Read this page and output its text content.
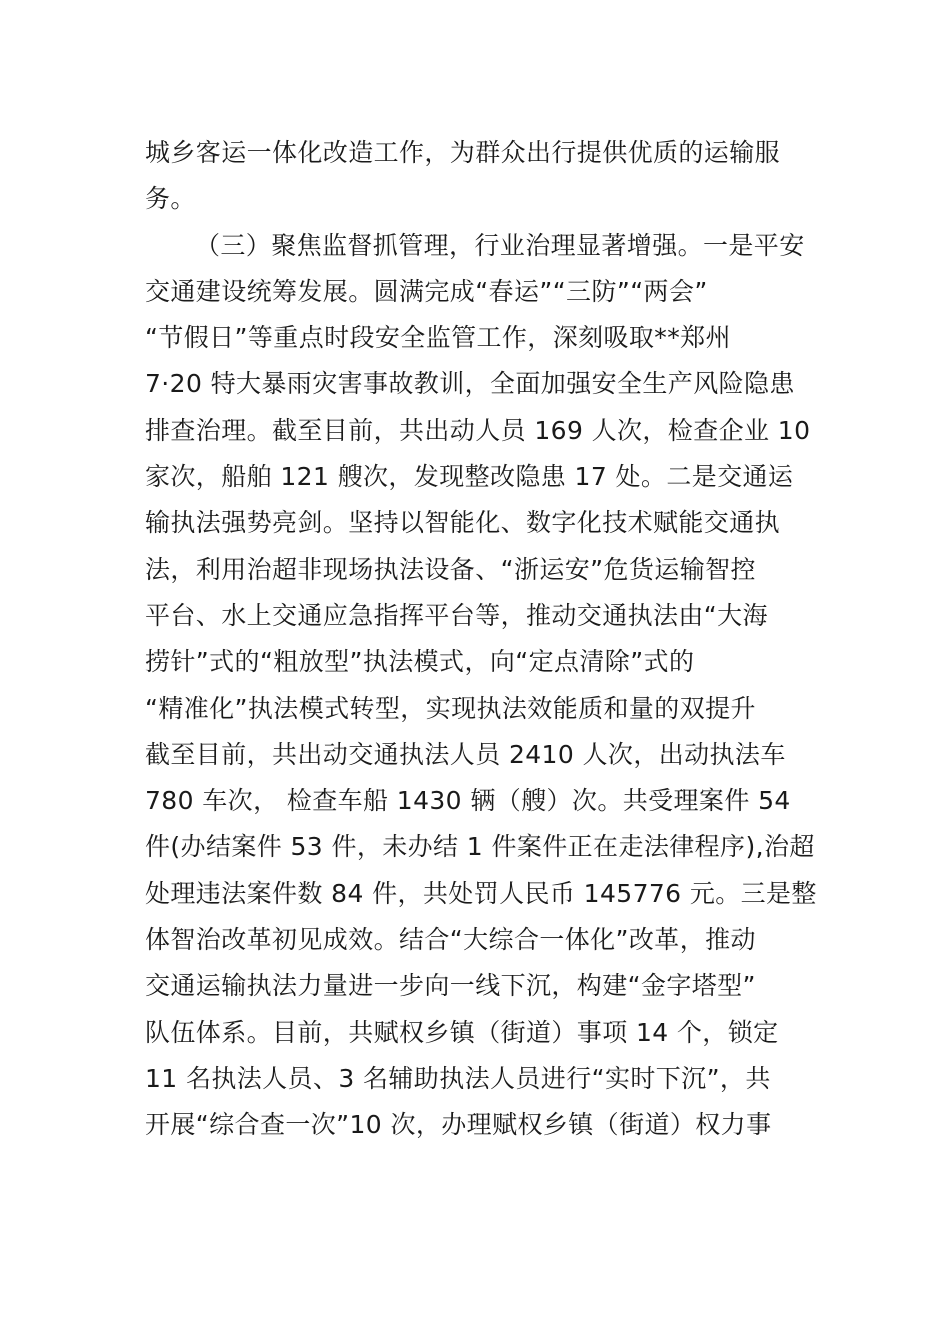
城乡客运一体化改造工作，为群众出行提供优质的运输服
务。
（三）聚焦监督抓管理，行业治理显著增强。一是平安
交通建设统筹发展。圆满完成“春运”“三防”“两会”
“节假日”等重点时段安全监管工作，深刻吸取**郑州
7·20 特大暴雨灾害事故教训，全面加强安全生产风险隐患
排查治理。截至目前，共出动人员 169 人次，检查企业 10
家次，船舶 121 艘次，发现整改隐患 17 处。二是交通运
输执法强势亮剑。坚持以智能化、数字化技术赋能交通执
法，利用治超非现场执法设备、“浙运安”危货运输智控
平台、水上交通应急指挥平台等，推动交通执法由“大海
捞针”式的“粗放型”执法模式，向“定点清除”式的
“精准化”执法模式转型，实现执法效能质和量的双提升
截至目前，共出动交通执法人员 2410 人次，出动执法车
780 车次， 检查车船 1430 辆（艘）次。共受理案件 54
件(办结案件 53 件，未办结 1 件案件正在走法律程序),治超
处理违法案件数 84 件，共处罚人民币 145776 元。三是整
体智治改革初见成效。结合“大综合一体化”改革，推动
交通运输执法力量进一步向一线下沉，构建“金字塔型”
队伍体系。目前，共赋权乡镇（街道）事项 14 个，锁定
11 名执法人员、3 名辅助执法人员进行“实时下沉”，共
开展“综合查一次”10 次，办理赋权乡镇（街道）权力事
